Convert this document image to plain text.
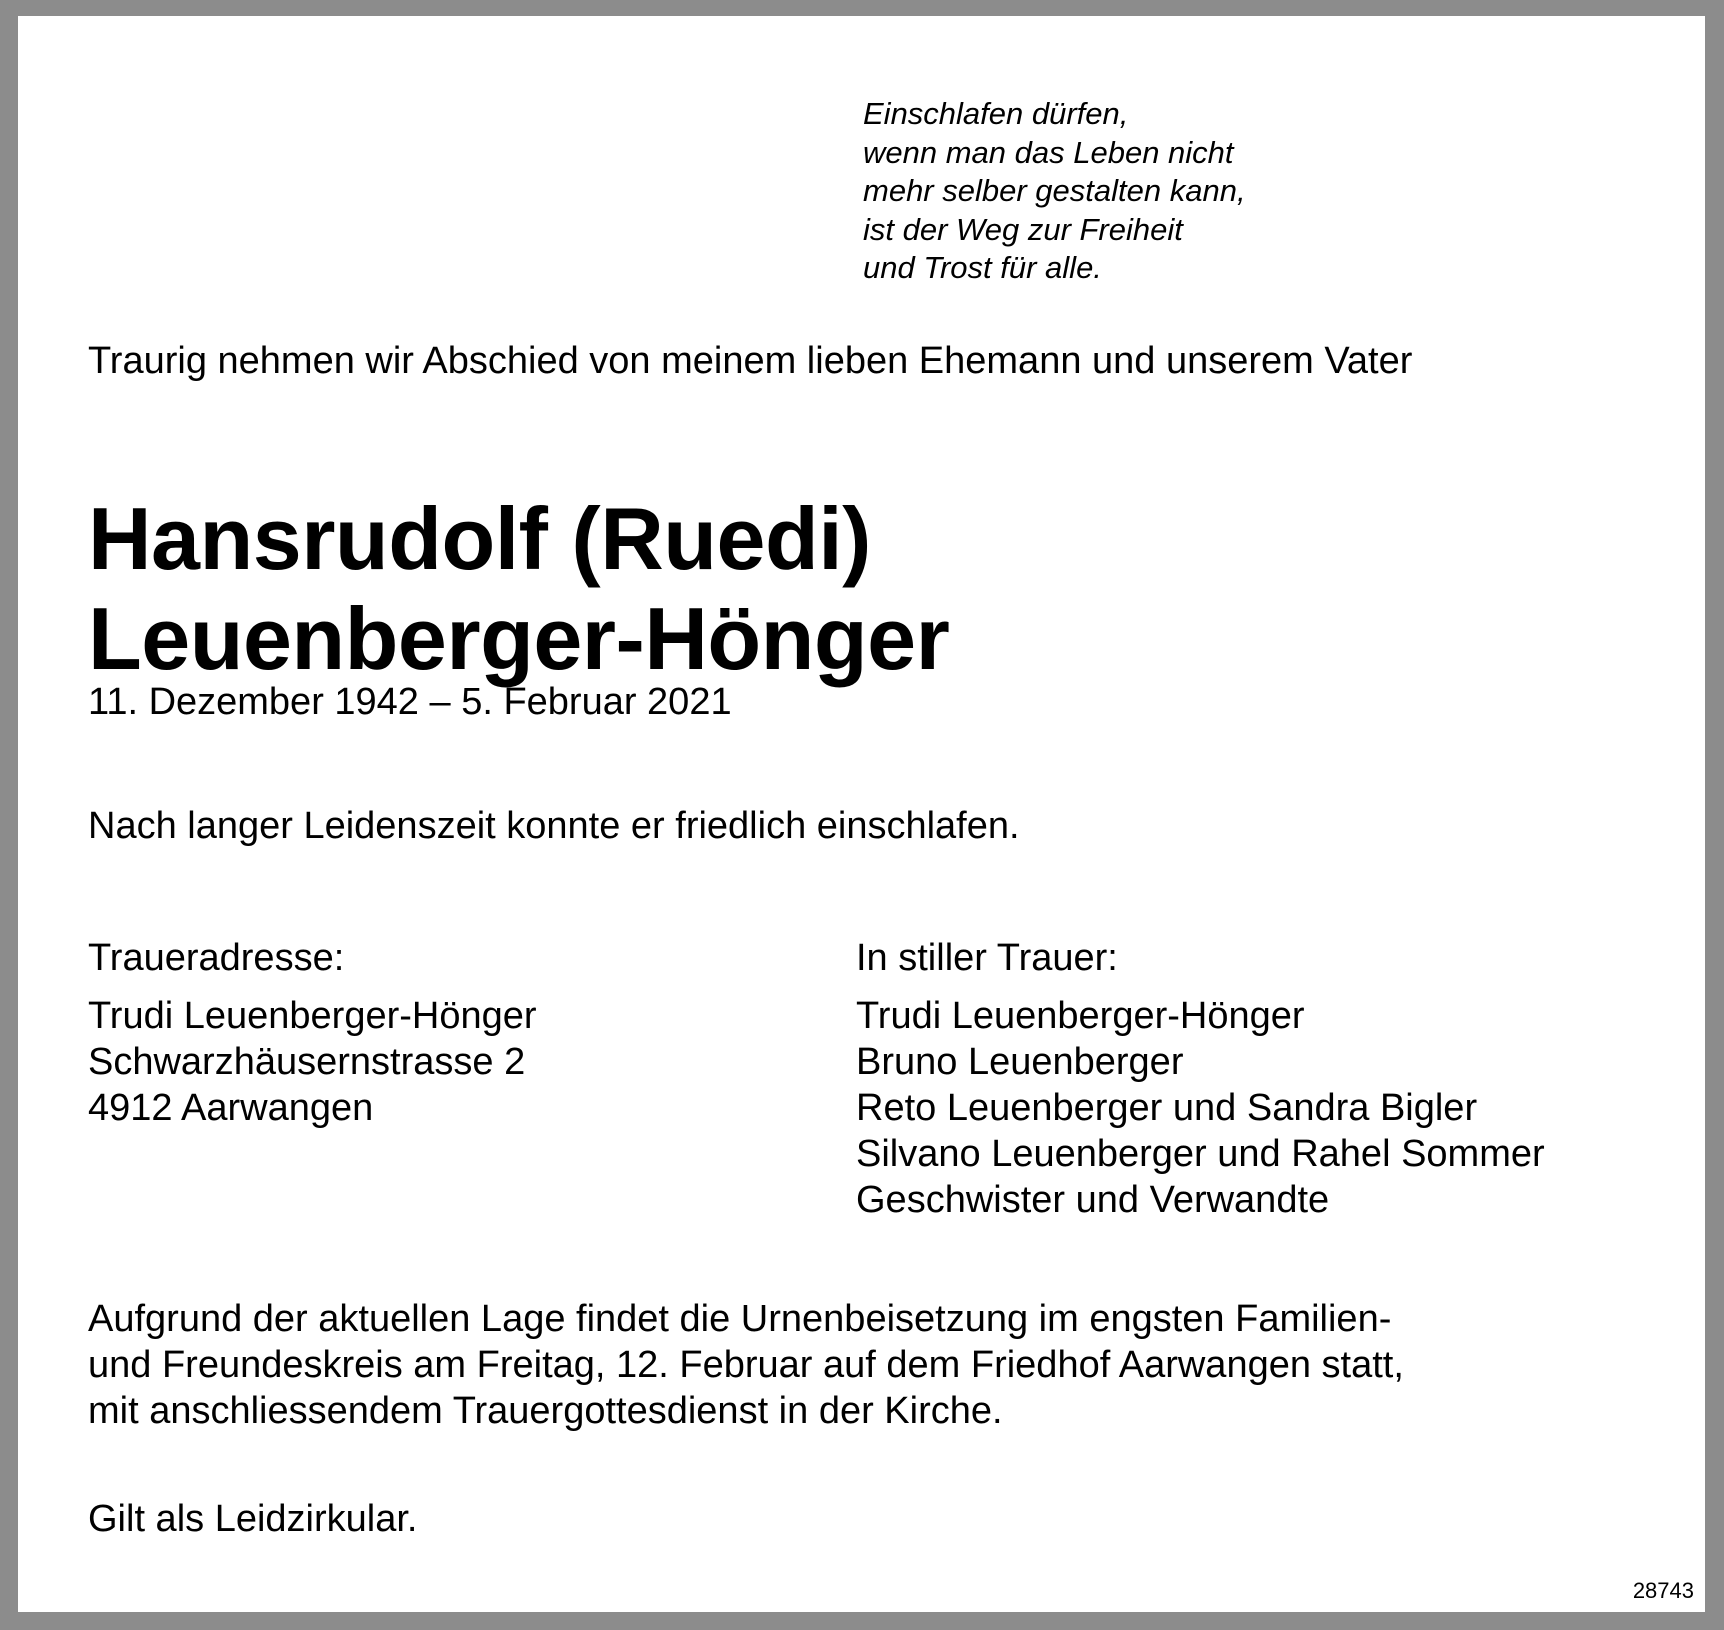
Einschlafen dürfen,
wenn man das Leben nicht
mehr selber gestalten kann,
ist der Weg zur Freiheit
und Trost für alle.
Traurig nehmen wir Abschied von meinem lieben Ehemann und unserem Vater
Hansrudolf (Ruedi)
Leuenberger-Hönger
11. Dezember 1942 – 5. Februar 2021
Nach langer Leidenszeit konnte er friedlich einschlafen.
Traueradresse:
Trudi Leuenberger-Hönger
Schwarzhäusernstrasse 2
4912 Aarwangen
In stiller Trauer:
Trudi Leuenberger-Hönger
Bruno Leuenberger
Reto Leuenberger und Sandra Bigler
Silvano Leuenberger und Rahel Sommer
Geschwister und Verwandte
Aufgrund der aktuellen Lage findet die Urnenbeisetzung im engsten Familien-
und Freundeskreis am Freitag, 12. Februar auf dem Friedhof Aarwangen statt,
mit anschliessendem Trauergottesdienst in der Kirche.
Gilt als Leidzirkular.
28743
